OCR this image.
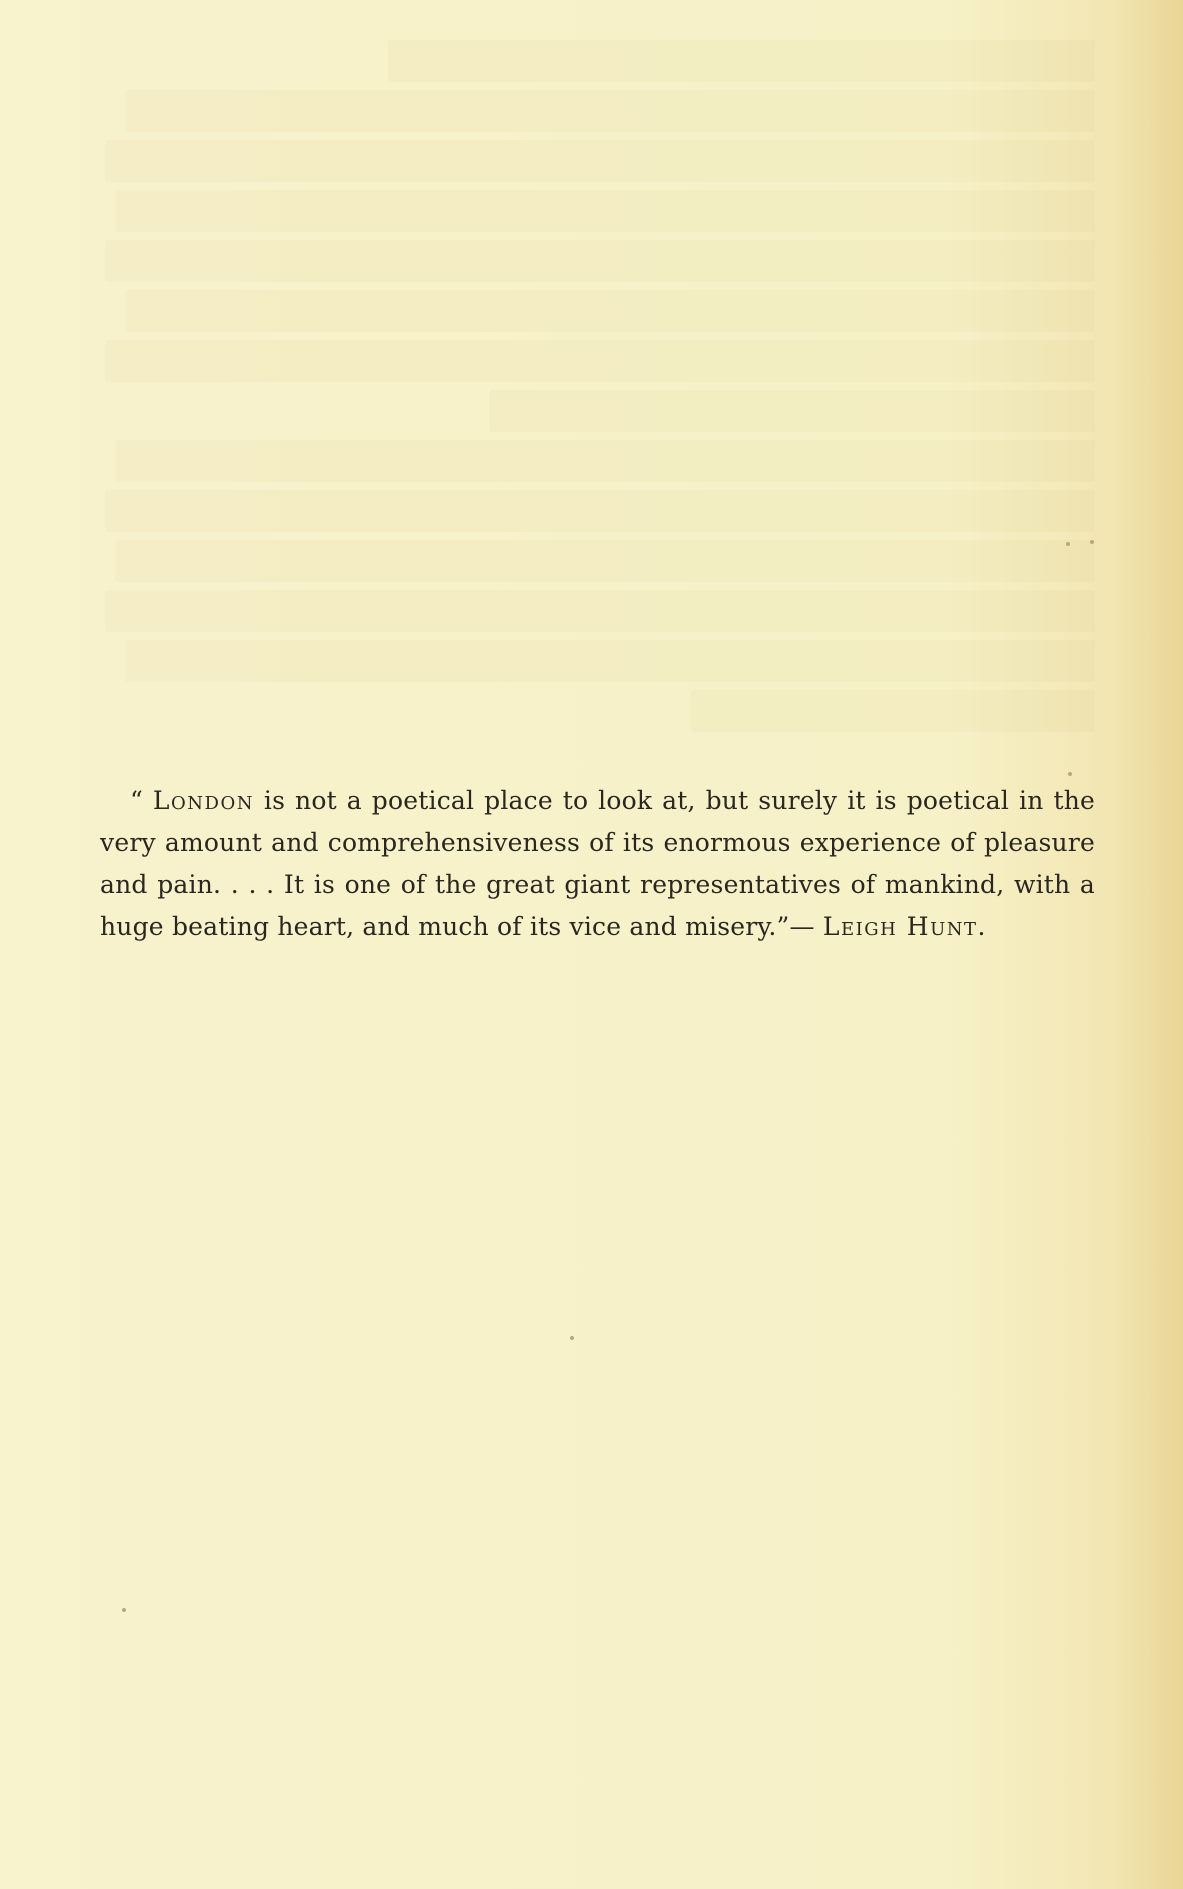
“ London is not a poetical place to look at, but surely it is poetical in the very amount and comprehensiveness of its enormous experience of pleasure and pain. . . . It is one of the great giant representatives of mankind, with a huge beating heart, and much of its vice and misery.”— Leigh Hunt.
